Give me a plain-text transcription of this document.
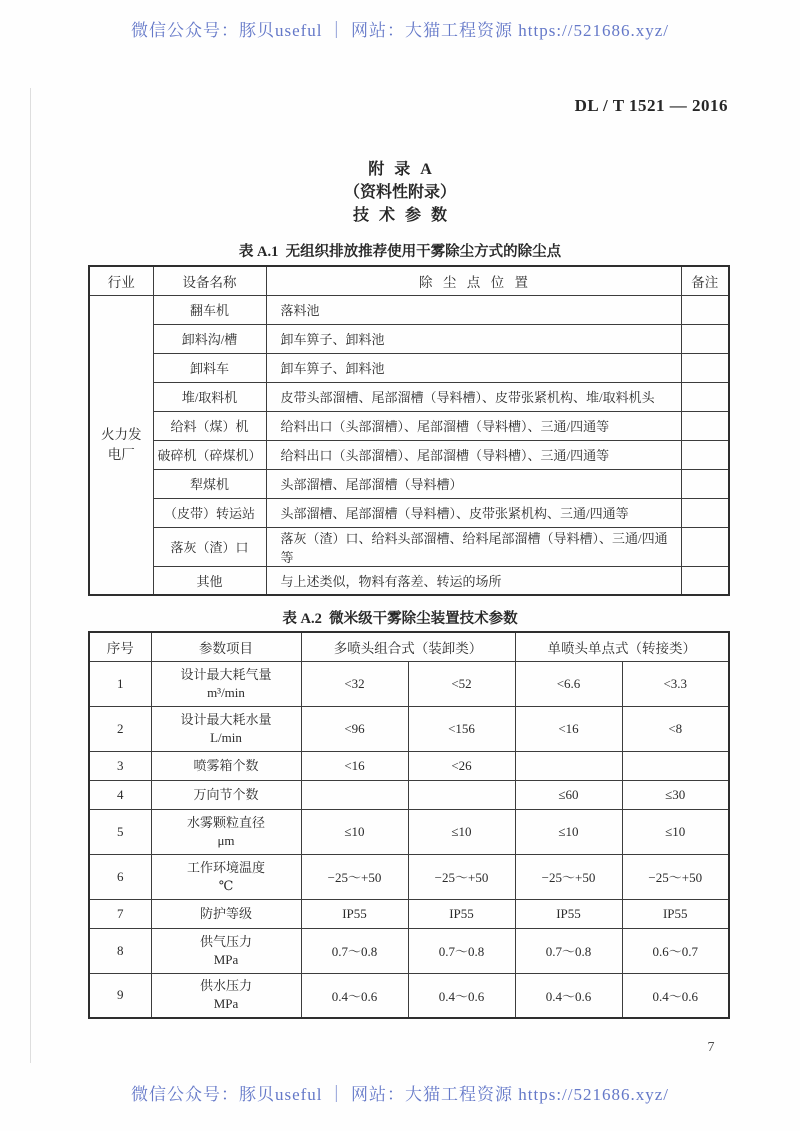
微信公众号：豚贝useful ｜ 网站：大猫工程资源 https://521686.xyz/
DL / T 1521 — 2016
附 录 A
（资料性附录）
技 术 参 数
表 A.1  无组织排放推荐使用干雾除尘方式的除尘点
行业	设备名称	除 尘 点 位 置	备注
火力发电厂	翻车机	落料池	
	卸料沟/槽	卸车箅子、卸料池	
	卸料车	卸车箅子、卸料池	
	堆/取料机	皮带头部溜槽、尾部溜槽（导料槽）、皮带张紧机构、堆/取料机头	
	给料（煤）机	给料出口（头部溜槽）、尾部溜槽（导料槽）、三通/四通等	
	破碎机（碎煤机）	给料出口（头部溜槽）、尾部溜槽（导料槽）、三通/四通等	
	犁煤机	头部溜槽、尾部溜槽（导料槽）	
	（皮带）转运站	头部溜槽、尾部溜槽（导料槽）、皮带张紧机构、三通/四通等	
	落灰（渣）口	落灰（渣）口、给料头部溜槽、给料尾部溜槽（导料槽）、三通/四通等	
	其他	与上述类似，物料有落差、转运的场所	
表 A.2  微米级干雾除尘装置技术参数
序号	参数项目	多喷头组合式（装卸类）		单喷头单点式（转接类）	
1	设计最大耗气量
m³/min	<32	<52	<6.6	<3.3
2	设计最大耗水量
L/min	<96	<156	<16	<8
3	喷雾箱个数	<16	<26		
4	万向节个数			≤60	≤30
5	水雾颗粒直径
μm	≤10	≤10	≤10	≤10
6	工作环境温度
℃	−25～+50	−25～+50	−25～+50	−25～+50
7	防护等级	IP55	IP55	IP55	IP55
8	供气压力
MPa	0.7～0.8	0.7～0.8	0.7～0.8	0.6～0.7
9	供水压力
MPa	0.4～0.6	0.4～0.6	0.4～0.6	0.4～0.6
7
微信公众号：豚贝useful ｜ 网站：大猫工程资源 https://521686.xyz/
